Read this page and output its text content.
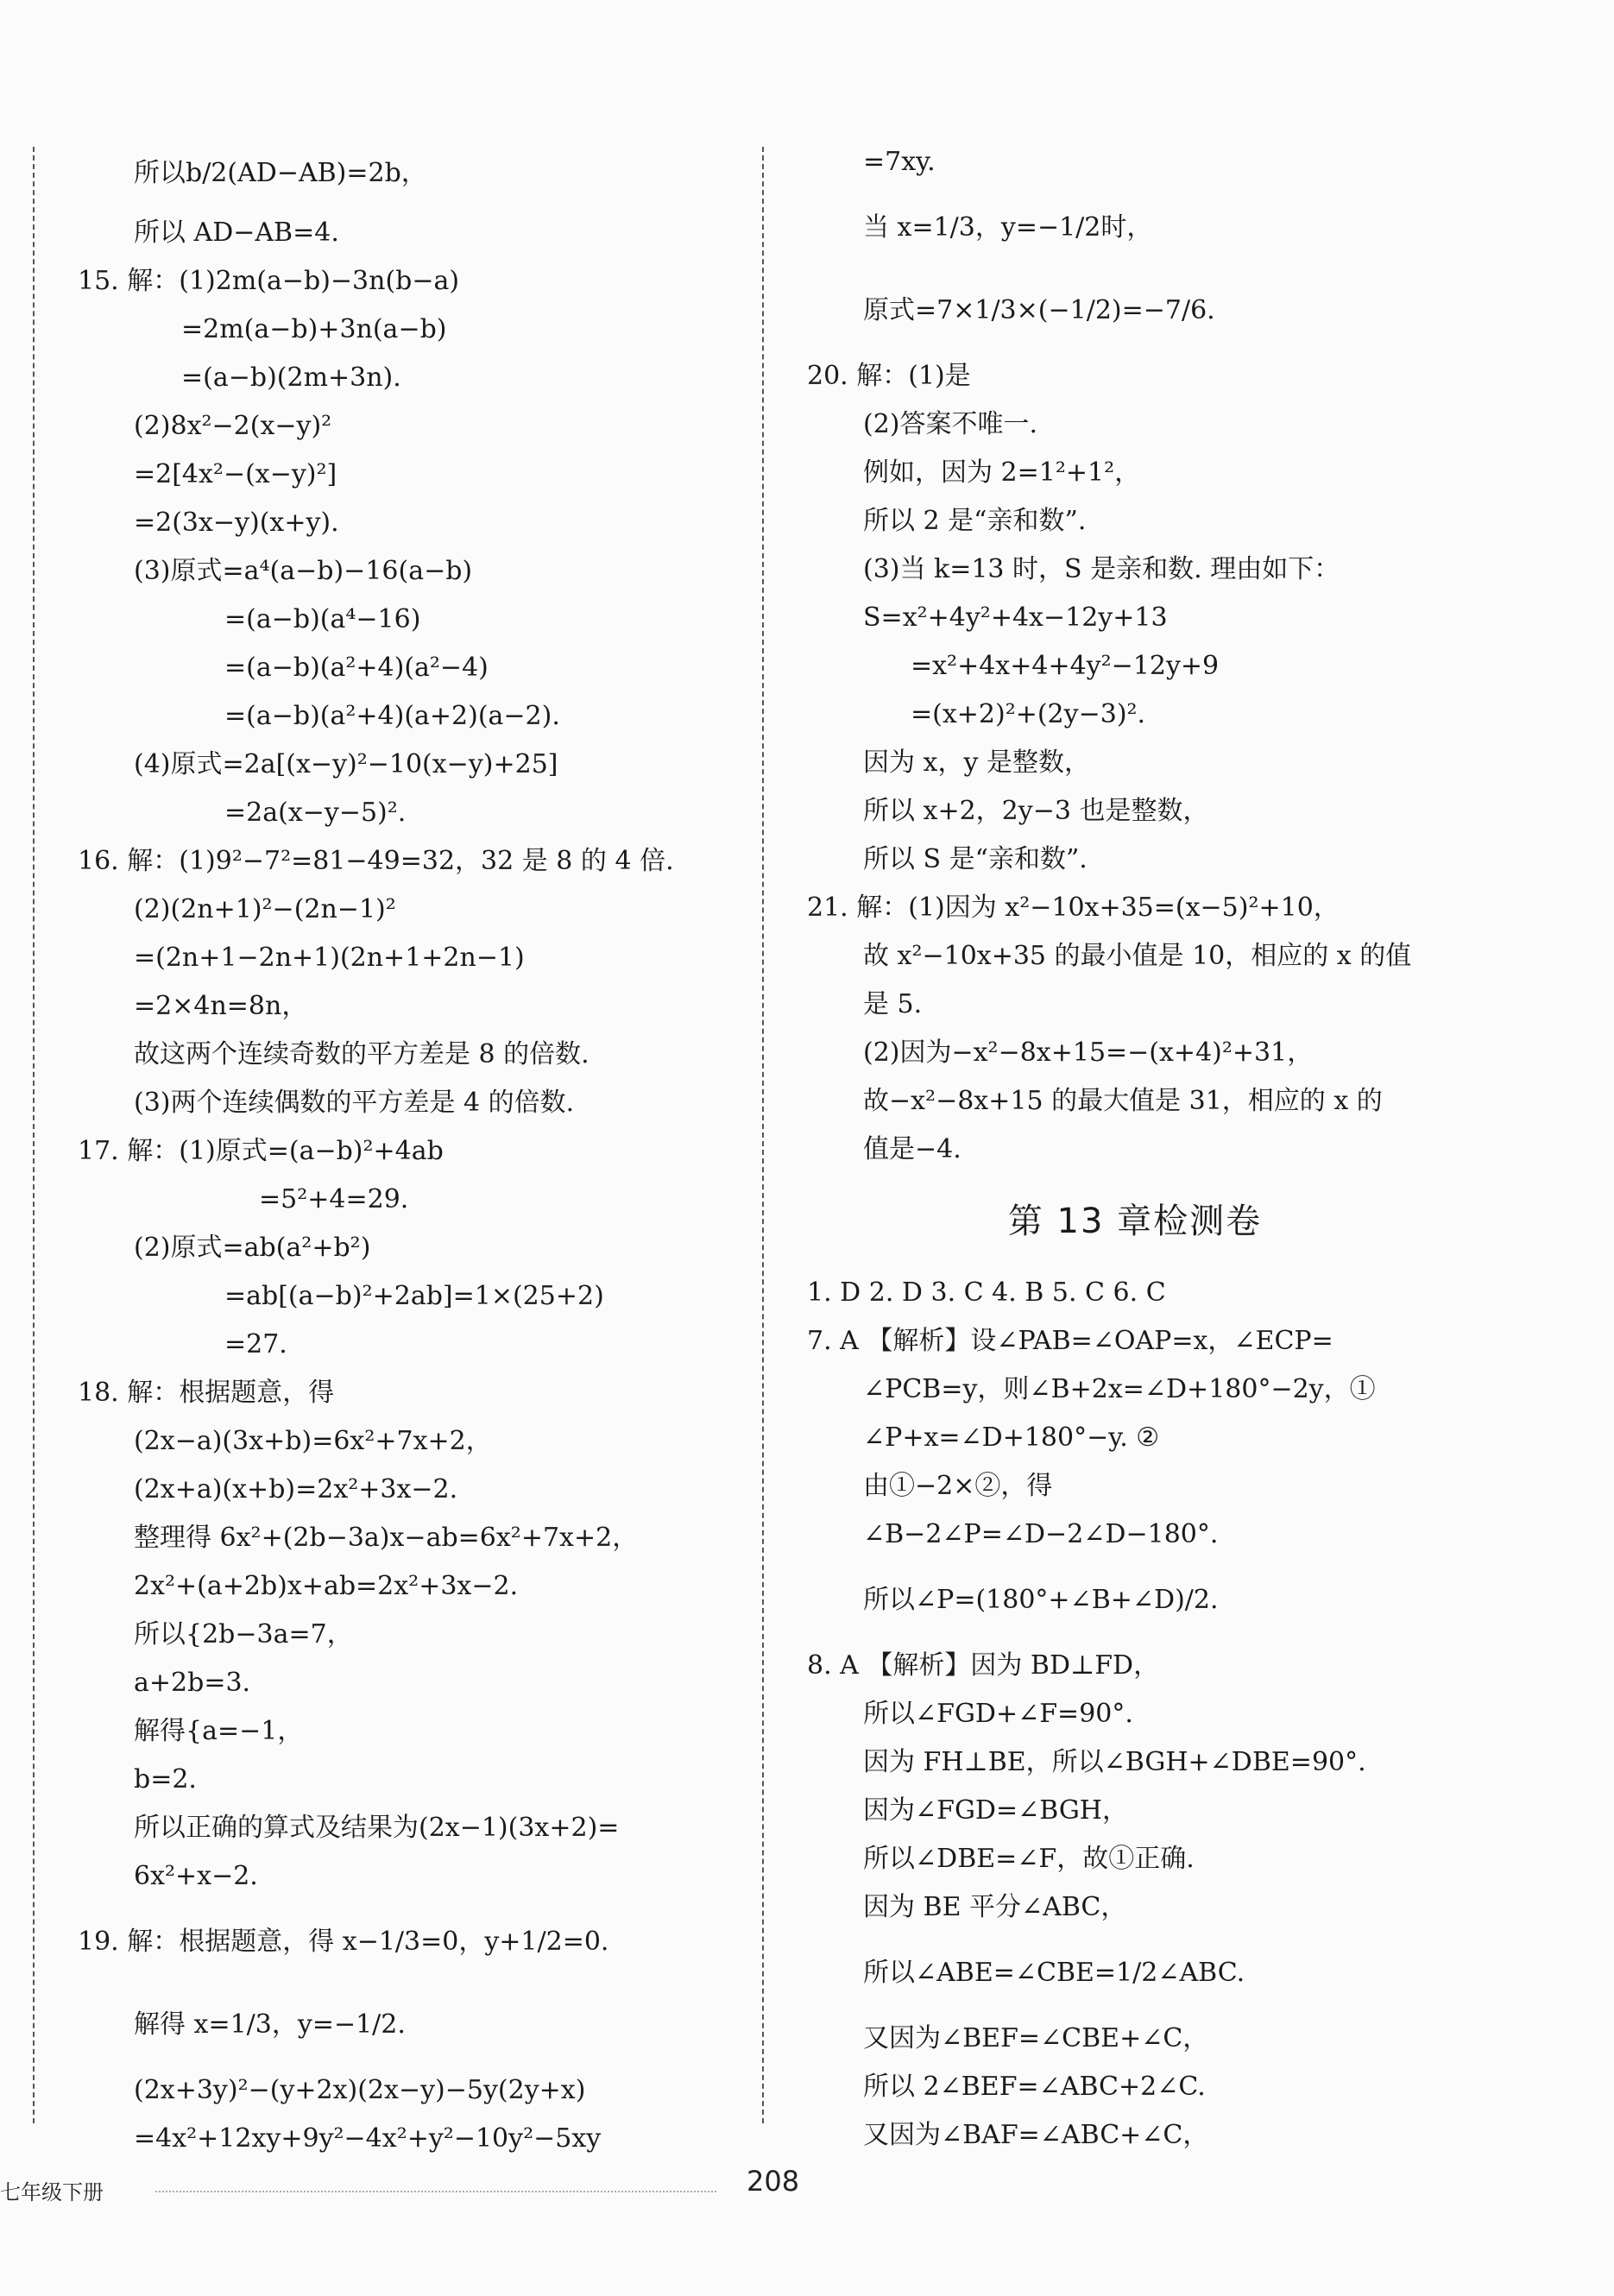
所以b/2(AD−AB)=2b，
所以 AD−AB=4.
15. 解：(1)2m(a−b)−3n(b−a)
=2m(a−b)+3n(a−b)
=(a−b)(2m+3n).
(2)8x²−2(x−y)²
=2[4x²−(x−y)²]
=2(3x−y)(x+y).
(3)原式=a⁴(a−b)−16(a−b)
=(a−b)(a⁴−16)
=(a−b)(a²+4)(a²−4)
=(a−b)(a²+4)(a+2)(a−2).
(4)原式=2a[(x−y)²−10(x−y)+25]
=2a(x−y−5)².
16. 解：(1)9²−7²=81−49=32，32 是 8 的 4 倍.
(2)(2n+1)²−(2n−1)²
=(2n+1−2n+1)(2n+1+2n−1)
=2×4n=8n，
故这两个连续奇数的平方差是 8 的倍数.
(3)两个连续偶数的平方差是 4 的倍数.
17. 解：(1)原式=(a−b)²+4ab
=5²+4=29.
(2)原式=ab(a²+b²)
=ab[(a−b)²+2ab]=1×(25+2)
=27.
18. 解：根据题意，得
(2x−a)(3x+b)=6x²+7x+2，
(2x+a)(x+b)=2x²+3x−2.
整理得 6x²+(2b−3a)x−ab=6x²+7x+2，
2x²+(a+2b)x+ab=2x²+3x−2.
所以{2b−3a=7，
a+2b=3.
解得{a=−1，
b=2.
所以正确的算式及结果为(2x−1)(3x+2)=
6x²+x−2.
19. 解：根据题意，得 x−1/3=0，y+1/2=0.
解得 x=1/3，y=−1/2.
(2x+3y)²−(y+2x)(2x−y)−5y(2y+x)
=4x²+12xy+9y²−4x²+y²−10y²−5xy
=7xy.
当 x=1/3，y=−1/2时，
原式=7×1/3×(−1/2)=−7/6.
20. 解：(1)是
(2)答案不唯一.
例如，因为 2=1²+1²，
所以 2 是“亲和数”.
(3)当 k=13 时，S 是亲和数. 理由如下：
S=x²+4y²+4x−12y+13
=x²+4x+4+4y²−12y+9
=(x+2)²+(2y−3)².
因为 x，y 是整数，
所以 x+2，2y−3 也是整数，
所以 S 是“亲和数”.
21. 解：(1)因为 x²−10x+35=(x−5)²+10，
故 x²−10x+35 的最小值是 10，相应的 x 的值
是 5.
(2)因为−x²−8x+15=−(x+4)²+31，
故−x²−8x+15 的最大值是 31，相应的 x 的
值是−4.
第 13 章检测卷
1. D 2. D 3. C 4. B 5. C 6. C
7. A 【解析】设∠PAB=∠OAP=x，∠ECP=
∠PCB=y，则∠B+2x=∠D+180°−2y，①
∠P+x=∠D+180°−y. ②
由①−2×②，得
∠B−2∠P=∠D−2∠D−180°.
所以∠P=(180°+∠B+∠D)/2.
8. A 【解析】因为 BD⊥FD，
所以∠FGD+∠F=90°.
因为 FH⊥BE，所以∠BGH+∠DBE=90°.
因为∠FGD=∠BGH，
所以∠DBE=∠F，故①正确.
因为 BE 平分∠ABC，
所以∠ABE=∠CBE=1/2∠ABC.
又因为∠BEF=∠CBE+∠C，
所以 2∠BEF=∠ABC+2∠C.
又因为∠BAF=∠ABC+∠C，
七年级下册	208
